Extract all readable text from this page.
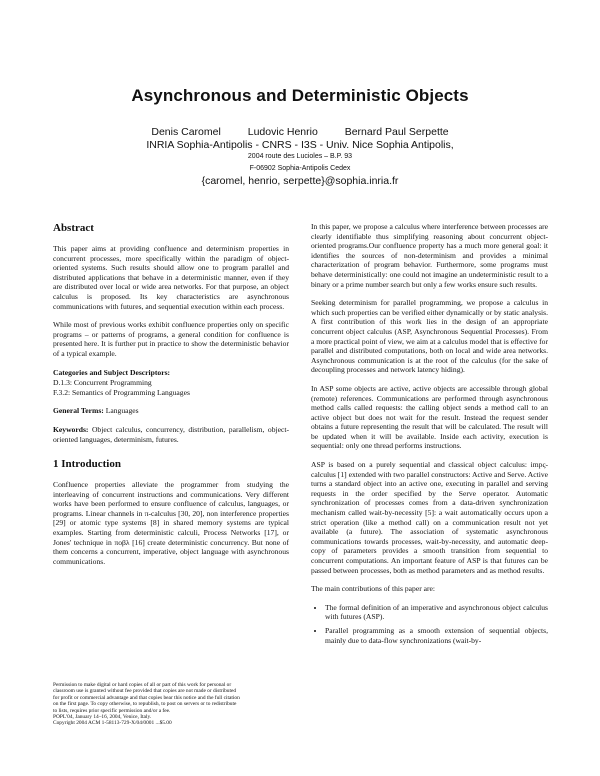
Asynchronous and Deterministic Objects
Denis Caromel	Ludovic Henrio	Bernard Paul Serpette
INRIA Sophia-Antipolis - CNRS - I3S - Univ. Nice Sophia Antipolis,
2004 route des Lucioles – B.P. 93
F-06902 Sophia-Antipolis Cedex
{caromel, henrio, serpette}@sophia.inria.fr
Abstract

This paper aims at providing confluence and determinism properties in concurrent processes, more specifically within the paradigm of object-oriented systems. Such results should allow one to program parallel and distributed applications that behave in a deterministic manner, even if they are distributed over local or wide area networks. For that purpose, an object calculus is proposed. Its key characteristics are asynchronous communications with futures, and sequential execution within each process.

While most of previous works exhibit confluence properties only on specific programs – or patterns of programs, a general condition for confluence is presented here. It is further put in practice to show the deterministic behavior of a typical example.

Categories and Subject Descriptors:
D.1.3: Concurrent Programming
F.3.2: Semantics of Programming Languages

General Terms: Languages

Keywords: Object calculus, concurrency, distribution, parallelism, object-oriented languages, determinism, futures.

1 Introduction

Confluence properties alleviate the programmer from studying the interleaving of concurrent instructions and communications. Very different works have been performed to ensure confluence of calculus, languages, or programs. Linear channels in π-calculus [30, 20], non interference properties [29] or atomic type systems [8] in shared memory systems are typical examples. Starting from deterministic calculi, Process Networks [17], or Jones' technique in πoβλ [16] create deterministic concurrency. But none of them concerns a concurrent, imperative, object language with asynchronous communications.

Permission to make digital or hard copies of all or part of this work for personal or
classroom use is granted without fee provided that copies are not made or distributed
for profit or commercial advantage and that copies bear this notice and the full citation
on the first page. To copy otherwise, to republish, to post on servers or to redistribute
to lists, requires prior specific permission and/or a fee.
POPL'04, January 14–16, 2004, Venice, Italy.
Copyright 2004 ACM 1-58113-729-X/04/0001 ...$5.00

In this paper, we propose a calculus where interference between processes are clearly identifiable thus simplifying reasoning about concurrent object-oriented programs.Our confluence property has a much more general goal: it identifies the sources of non-determinism and provides a minimal characterization of program behavior. Furthermore, some programs must behave deterministically: one could not imagine an undeterministic result to a binary or a prime number search but only a few works ensure such results.

Seeking determinism for parallel programming, we propose a calculus in which such properties can be verified either dynamically or by static analysis. A first contribution of this work lies in the design of an appropriate concurrent object calculus (ASP, Asynchronous Sequential Processes). From a more practical point of view, we aim at a calculus model that is effective for parallel and distributed computations, both on local and wide area networks. Asynchronous communication is at the root of the calculus (for the sake of decoupling processes and network latency hiding).

In ASP some objects are active, active objects are accessible through global (remote) references. Communications are performed through asynchronous method calls called requests: the calling object sends a method call to an active object but does not wait for the result. Instead the request sender obtains a future representing the result that will be calculated. The result will be updated when it will be available. Inside each activity, execution is sequential: only one thread performs instructions.

ASP is based on a purely sequential and classical object calculus: impς-calculus [1] extended with two parallel constructors: Active and Serve. Active turns a standard object into an active one, executing in parallel and serving requests in the order specified by the Serve operator. Automatic synchronization of processes comes from a data-driven synchronization mechanism called wait-by-necessity [5]: a wait automatically occurs upon a strict operation (like a method call) on a communication result not yet available (a future). The association of systematic asynchronous communications towards processes, wait-by-necessity, and automatic deep-copy of parameters provides a smooth transition from sequential to concurrent computations. An important feature of ASP is that futures can be passed between processes, both as method parameters and as method results.

The main contributions of this paper are:

• The formal definition of an imperative and asynchronous object calculus with futures (ASP).
• Parallel programming as a smooth extension of sequential objects, mainly due to data-flow synchronizations (wait-by-
